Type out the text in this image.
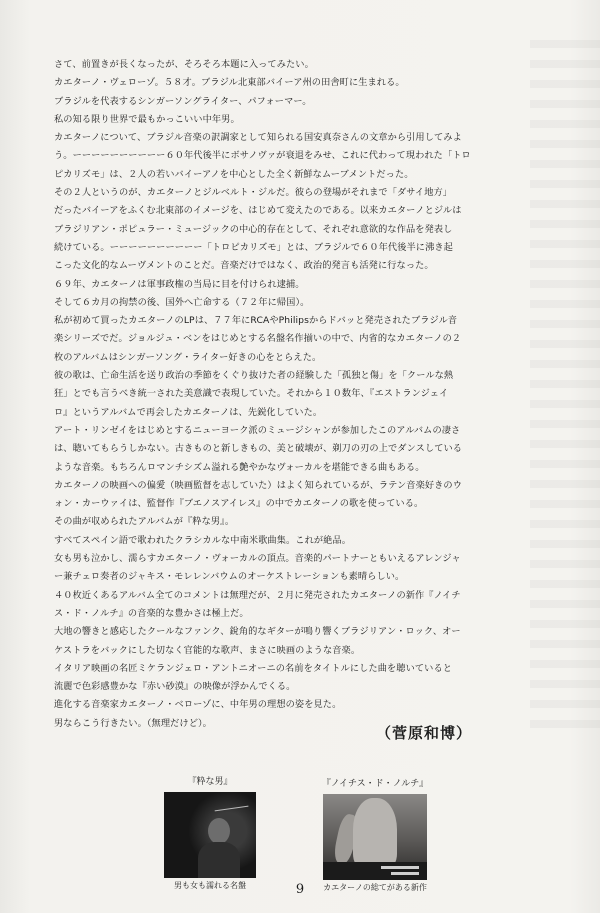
さて、前置きが長くなったが、そろそろ本題に入ってみたい。
カエターノ・ヴェローゾ。５８才。ブラジル北東部バイーア州の田舎町に生まれる。
ブラジルを代表するシンガーソングライター、パフォーマー。
私の知る限り世界で最もかっこいい中年男。
カエターノについて、ブラジル音楽の訳調家として知られる国安真奈さんの文章から引用してみよ
う。ーーーーーーーーーー６０年代後半にボサノヴァが衰退をみせ、これに代わって現われた「トロ
ピカリズモ」は、２人の若いバイーアノを中心とした全く新鮮なムーブメントだった。
その２人というのが、カエターノとジルベルト・ジルだ。彼らの登場がそれまで「ダサイ地方」
だったバイーアをふくむ北東部のイメージを、はじめて変えたのである。以来カエターノとジルは
ブラジリアン・ポピュラー・ミュージックの中心的存在として、それぞれ意欲的な作品を発表し
続けている。ーーーーーーーーーー「トロピカリズモ」とは、ブラジルで６０年代後半に沸き起
こった文化的なムーヴメントのことだ。音楽だけではなく、政治的発言も活発に行なった。
６９年、カエターノは軍事政権の当局に目を付けられ逮捕。
そして６カ月の拘禁の後、国外へ亡命する（７２年に帰国）。
私が初めて買ったカエターノのLPは、７７年にRCAやPhilipsからドバッと発売されたブラジル音
楽シリーズでだ。ジョルジュ・ベンをはじめとする名盤名作揃いの中で、内省的なカエターノの２
枚のアルバムはシンガーソング・ライター好きの心をとらえた。
彼の歌は、亡命生活を送り政治の季節をくぐり抜けた者の経験した「孤独と傷」を「クールな熱
狂」とでも言うべき統一された美意識で表現していた。それから１０数年、『エストランジェイ
ロ』というアルバムで再会したカエターノは、先鋭化していた。
アート・リンゼイをはじめとするニューヨーク派のミュージシャンが参加したこのアルバムの凄さ
は、聴いてもらうしかない。古きものと新しきもの、美と破壊が、剃刀の刃の上でダンスしている
ような音楽。もちろんロマンチシズム溢れる艶やかなヴォーカルを堪能できる曲もある。
カエターノの映画への偏愛（映画監督を志していた）はよく知られているが、ラテン音楽好きのウ
ォン・カーウァイは、監督作『ブエノスアイレス』の中でカエターノの歌を使っている。
その曲が収められたアルバムが『粋な男』。
すべてスペイン語で歌われたクラシカルな中南米歌曲集。これが絶品。
女も男も泣かし、濡らすカエターノ・ヴォーカルの頂点。音楽的パートナーともいえるアレンジャ
ー兼チェロ奏者のジャキス・モレレンバウムのオーケストレーションも素晴らしい。
４０枚近くあるアルバム全てのコメントは無理だが、２月に発売されたカエターノの新作『ノイチ
ス・ド・ノルチ』の音楽的な豊かさは極上だ。
大地の響きと感応したクールなファンク、銳角的なギターが鳴り響くブラジリアン・ロック、オー
ケストラをバックにした切なく官能的な歌声、まさに映画のような音楽。
イタリア映画の名匠ミケランジェロ・アントニオーニの名前をタイトルにした曲を聴いていると
流麗で色彩感豊かな『赤い砂漠』の映像が浮かんでくる。
進化する音楽家カエターノ・ベローゾに、中年男の理想の姿を見た。
男ならこう行きたい。（無理だけど）。
（菅原和博）
『粋な男』
男も女も濡れる名盤
『ノイチス・ド・ノルチ』
カエターノの総てがある新作
9
